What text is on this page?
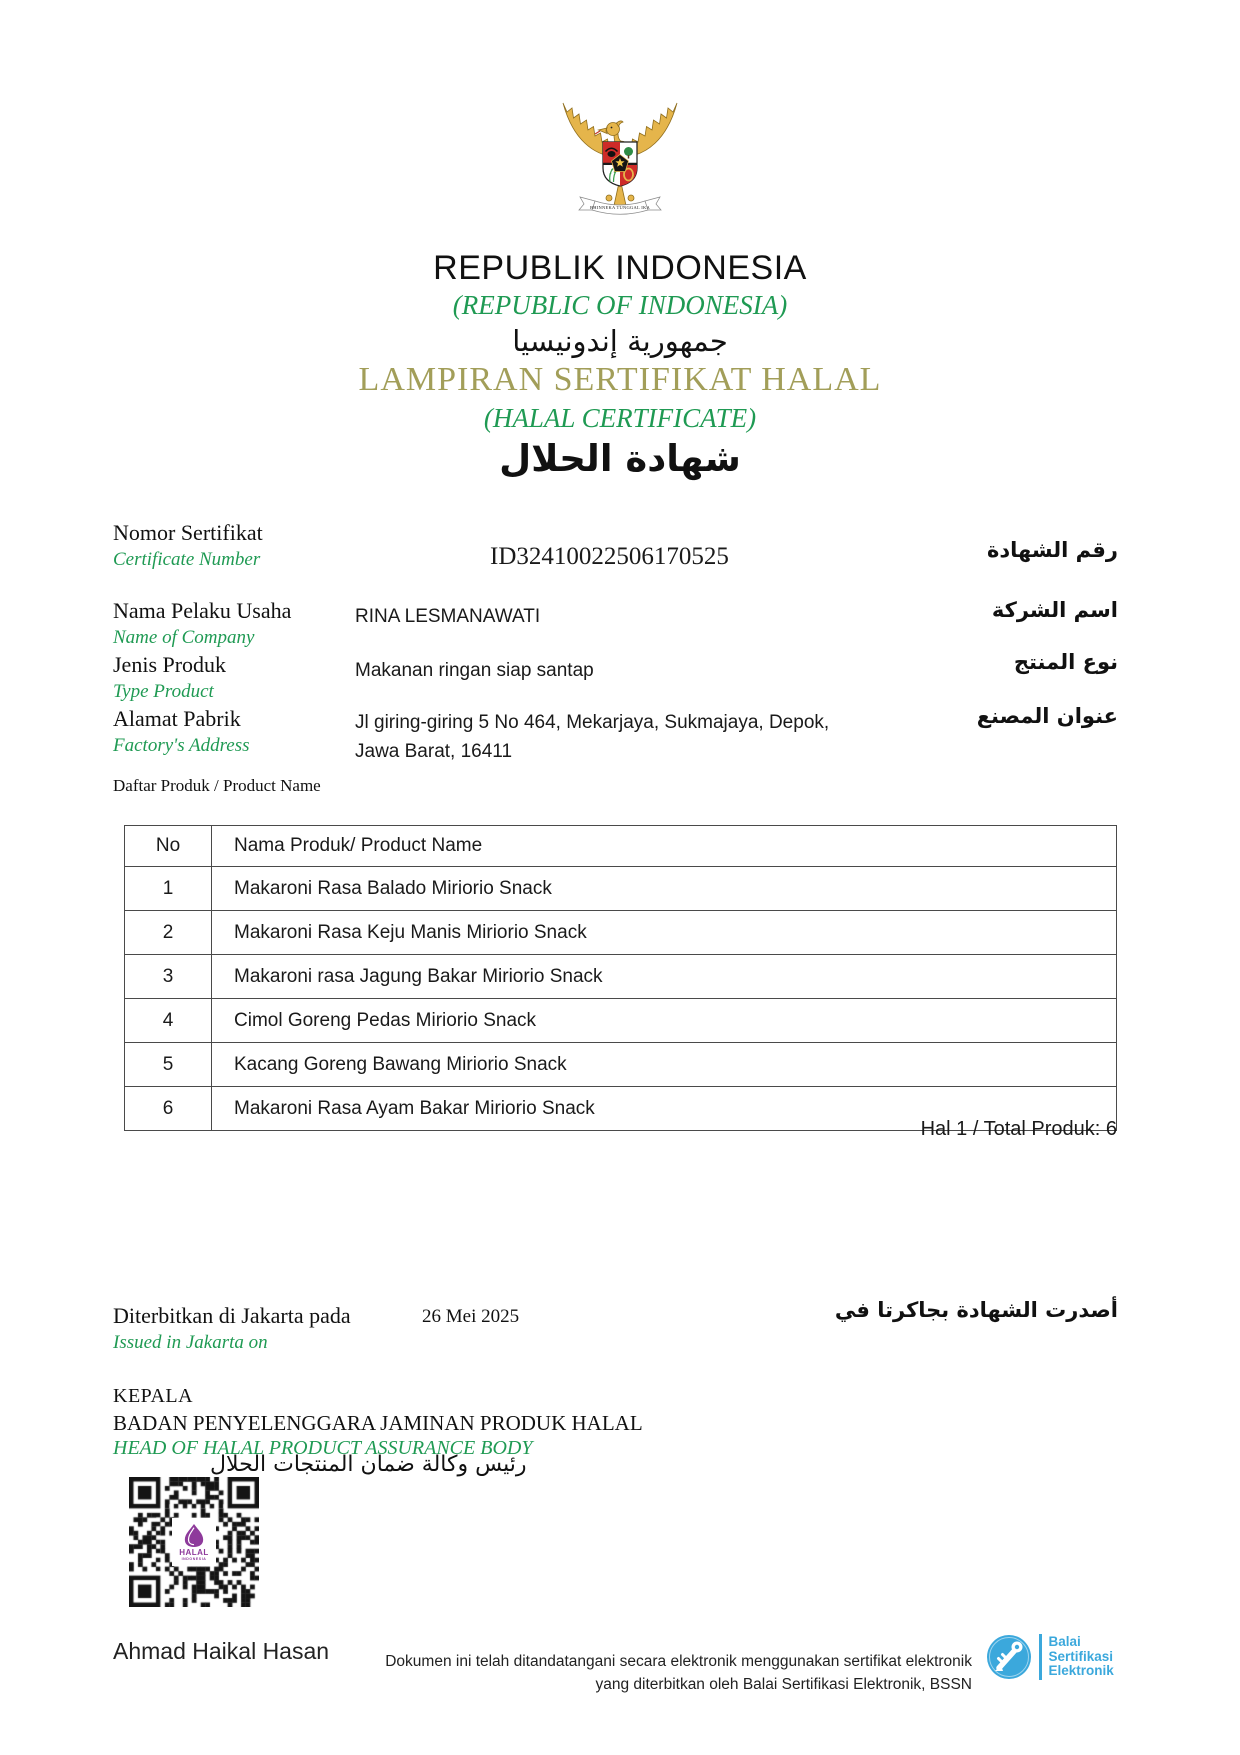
BHINNEKA TUNGGAL IKA
REPUBLIK INDONESIA
(REPUBLIC OF INDONESIA)
جمهورية إندونيسيا
LAMPIRAN SERTIFIKAT HALAL
(HALAL CERTIFICATE)
شهادة الحلال
Nomor Sertifikat
Certificate Number	ID32410022506170525	رقم الشهادة
Nama Pelaku Usaha
Name of Company
RINA LESMANAWATI	اسم الشركة
Jenis Produk
Type Product
Makanan ringan siap santap	نوع المنتج
Alamat Pabrik
Factory's Address
Jl giring-giring 5 No 464, Mekarjaya, Sukmajaya, Depok, Jawa Barat, 16411
عنوان المصنع
Daftar Produk / Product Name
No	Nama Produk/ Product Name
1	Makaroni Rasa Balado Miriorio Snack
2	Makaroni Rasa Keju Manis Miriorio Snack
3	Makaroni rasa Jagung Bakar Miriorio Snack
4	Cimol Goreng Pedas Miriorio Snack
5	Kacang Goreng Bawang Miriorio Snack
6	Makaroni Rasa Ayam Bakar Miriorio Snack
Hal 1 / Total Produk: 6
Diterbitkan di Jakarta pada
Issued in Jakarta on
26 Mei 2025	أصدرت الشهادة بجاكرتا في
KEPALA
BADAN PENYELENGGARA JAMINAN PRODUK HALAL
HEAD OF HALAL PRODUCT ASSURANCE BODY
رئيس وكالة ضمان المنتجات الحلال
HALAL
INDONESIA
Ahmad Haikal Hasan	Dokumen ini telah ditandatangani secara elektronik menggunakan sertifikat elektronik
yang diterbitkan oleh Balai Sertifikasi Elektronik, BSSN
Balai
Sertifikasi
Elektronik
